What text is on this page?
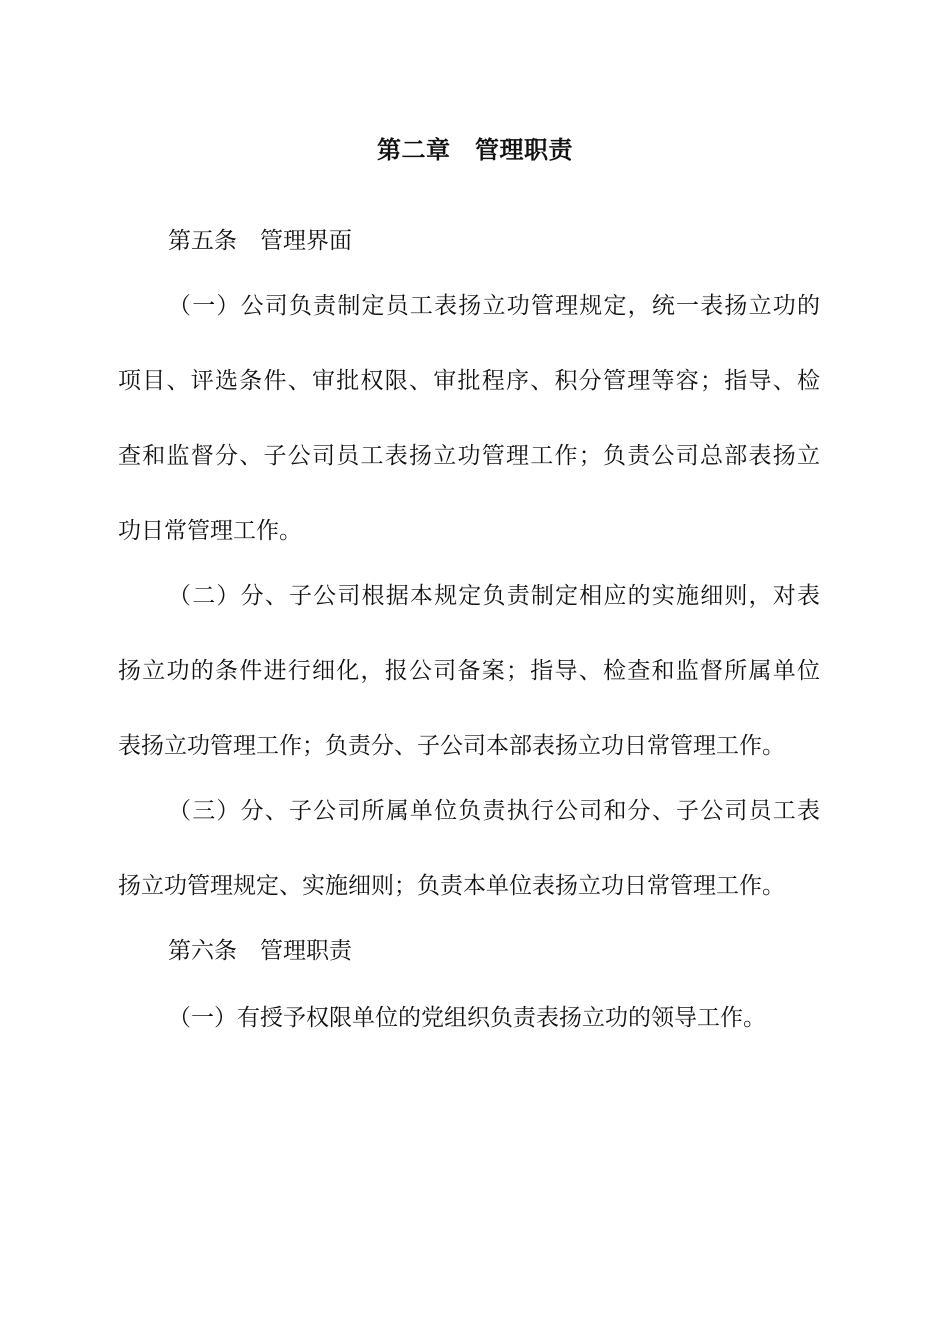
第二章　管理职责
第五条　管理界面
（一）公司负责制定员工表扬立功管理规定，统一表扬立功的
项目、评选条件、审批权限、审批程序、积分管理等容；指导、检
查和监督分、子公司员工表扬立功管理工作；负责公司总部表扬立
功日常管理工作。
（二）分、子公司根据本规定负责制定相应的实施细则，对表
扬立功的条件进行细化，报公司备案；指导、检查和监督所属单位
表扬立功管理工作；负责分、子公司本部表扬立功日常管理工作。
（三）分、子公司所属单位负责执行公司和分、子公司员工表
扬立功管理规定、实施细则；负责本单位表扬立功日常管理工作。
第六条　管理职责
（一）有授予权限单位的党组织负责表扬立功的领导工作。
